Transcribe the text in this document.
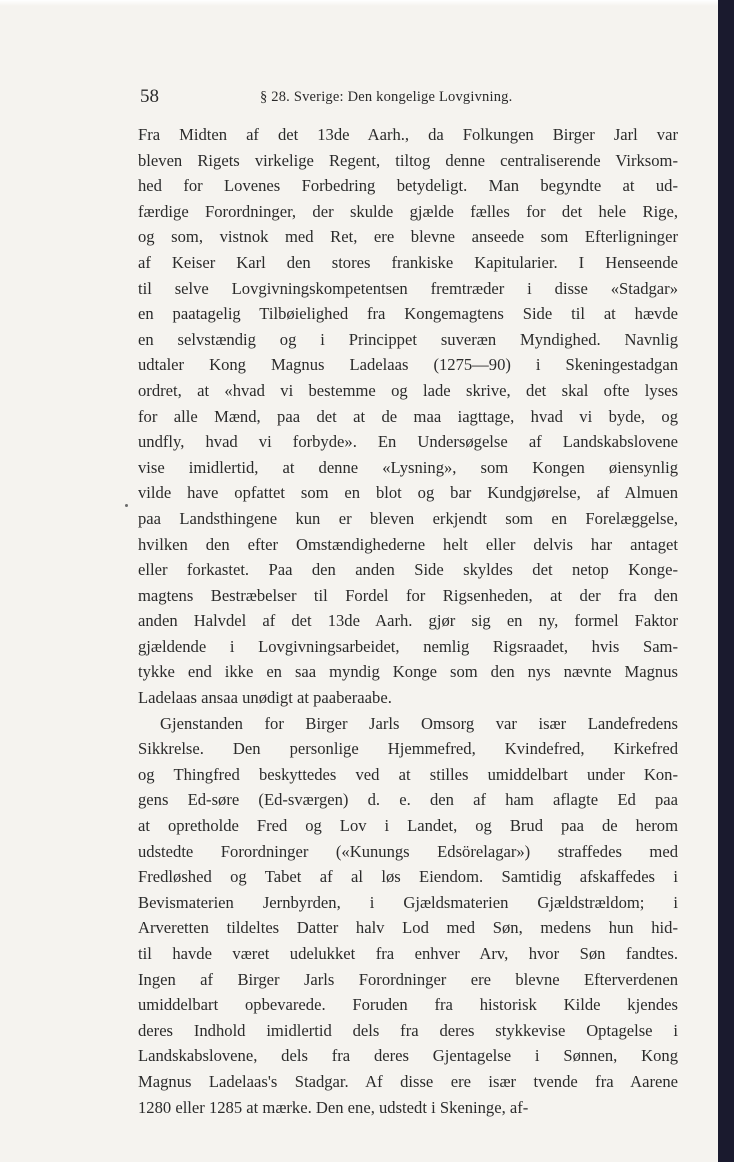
58	§ 28. Sverige: Den kongelige Lovgivning.
Fra Midten af det 13de Aarh., da Folkungen Birger Jarl var
bleven Rigets virkelige Regent, tiltog denne centraliserende Virksom-
hed for Lovenes Forbedring betydeligt. Man begyndte at ud-
færdige Forordninger, der skulde gjælde fælles for det hele Rige,
og som, vistnok med Ret, ere blevne anseede som Efterligninger
af Keiser Karl den stores frankiske Kapitularier. I Henseende
til selve Lovgivningskompetentsen fremtræder i disse «Stadgar»
en paatagelig Tilbøielighed fra Kongemagtens Side til at hævde
en selvstændig og i Princippet suveræn Myndighed. Navnlig
udtaler Kong Magnus Ladelaas (1275—90) i Skeningestadgan
ordret, at «hvad vi bestemme og lade skrive, det skal ofte lyses
for alle Mænd, paa det at de maa iagttage, hvad vi byde, og
undfly, hvad vi forbyde». En Undersøgelse af Landskabslovene
vise imidlertid, at denne «Lysning», som Kongen øiensynlig
vilde have opfattet som en blot og bar Kundgjørelse, af Almuen
paa Landsthingene kun er bleven erkjendt som en Forelæggelse,
hvilken den efter Omstændighederne helt eller delvis har antaget
eller forkastet. Paa den anden Side skyldes det netop Konge-
magtens Bestræbelser til Fordel for Rigsenheden, at der fra den
anden Halvdel af det 13de Aarh. gjør sig en ny, formel Faktor
gjældende i Lovgivningsarbeidet, nemlig Rigsraadet, hvis Sam-
tykke end ikke en saa myndig Konge som den nys nævnte Magnus
Ladelaas ansaa unødigt at paaberaabe.
Gjenstanden for Birger Jarls Omsorg var især Landefredens
Sikkrelse. Den personlige Hjemmefred, Kvindefred, Kirkefred
og Thingfred beskyttedes ved at stilles umiddelbart under Kon-
gens Ed-søre (Ed-sværgen) d. e. den af ham aflagte Ed paa
at opretholde Fred og Lov i Landet, og Brud paa de herom
udstedte Forordninger («Kunungs Edsörelagar») straffedes med
Fredløshed og Tabet af al løs Eiendom. Samtidig afskaffedes i
Bevismaterien Jernbyrden, i Gjældsmaterien Gjældstrældom; i
Arveretten tildeltes Datter halv Lod med Søn, medens hun hid-
til havde været udelukket fra enhver Arv, hvor Søn fandtes.
Ingen af Birger Jarls Forordninger ere blevne Efterverdenen
umiddelbart opbevarede. Foruden fra historisk Kilde kjendes
deres Indhold imidlertid dels fra deres stykkevise Optagelse i
Landskabslovene, dels fra deres Gjentagelse i Sønnen, Kong
Magnus Ladelaas's Stadgar. Af disse ere især tvende fra Aarene
1280 eller 1285 at mærke. Den ene, udstedt i Skeninge, af-
